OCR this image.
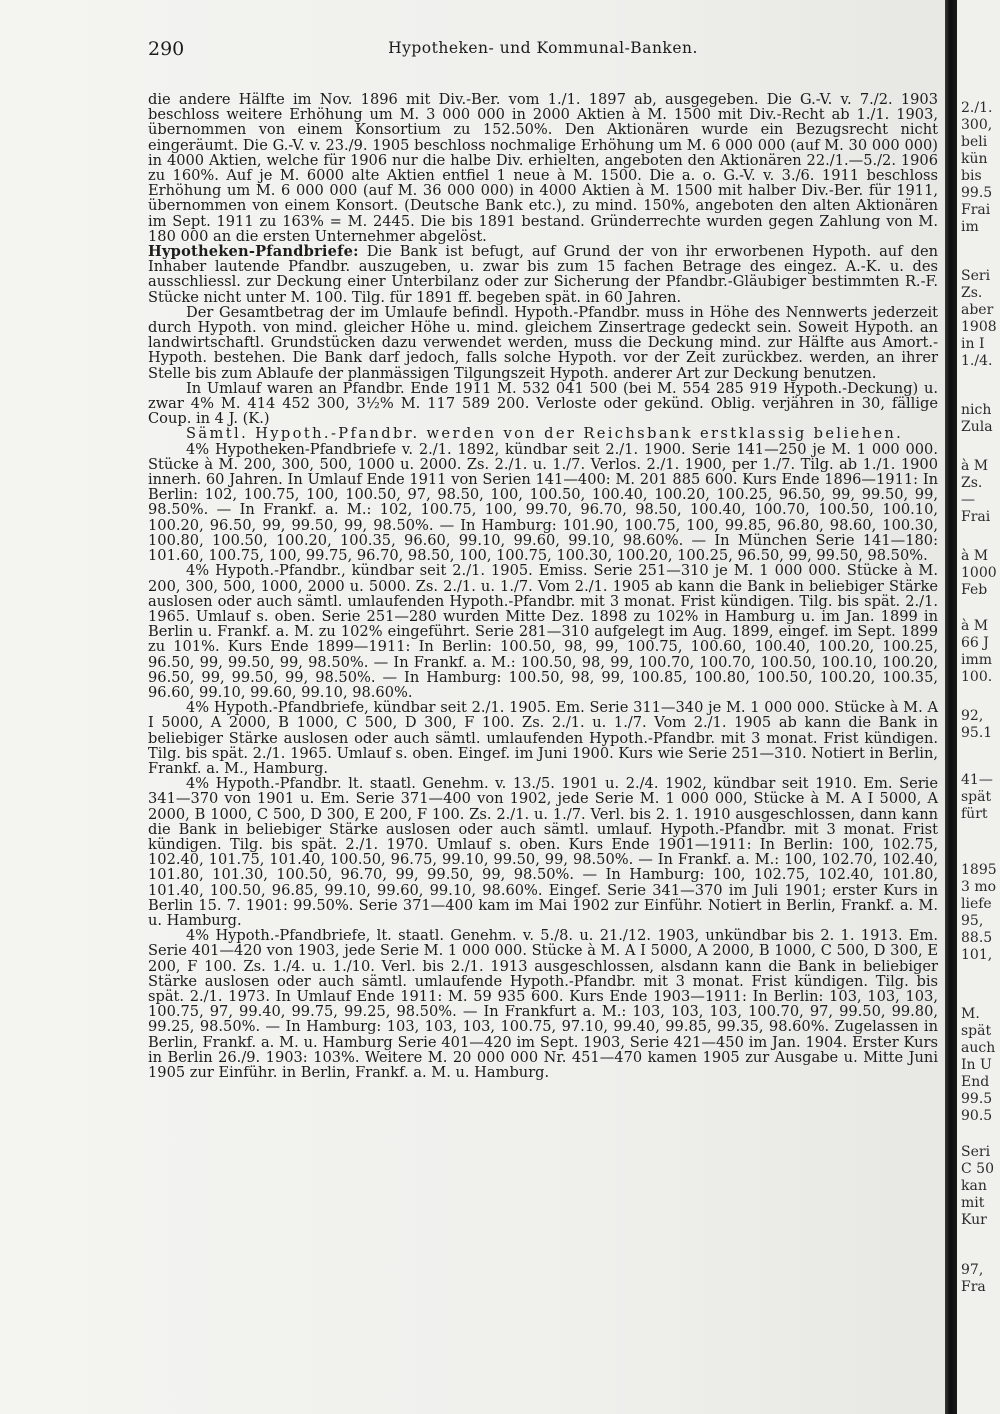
290	Hypotheken- und Kommunal-Banken.

die andere Hälfte im Nov. 1896 mit Div.-Ber. vom 1./1. 1897 ab, ausgegeben. Die G.-V. v. 7./2. 1903 beschloss weitere Erhöhung um M. 3 000 000 in 2000 Aktien à M. 1500 mit Div.-Recht ab 1./1. 1903, übernommen von einem Konsortium zu 152.50%. Den Aktionären wurde ein Bezugsrecht nicht eingeräumt. Die G.-V. v. 23./9. 1905 beschloss nochmalige Erhöhung um M. 6 000 000 (auf M. 30 000 000) in 4000 Aktien, welche für 1906 nur die halbe Div. erhielten, angeboten den Aktionären 22./1.—5./2. 1906 zu 160%. Auf je M. 6000 alte Aktien entfiel 1 neue à M. 1500. Die a. o. G.-V. v. 3./6. 1911 beschloss Erhöhung um M. 6 000 000 (auf M. 36 000 000) in 4000 Aktien à M. 1500 mit halber Div.-Ber. für 1911, übernommen von einem Konsort. (Deutsche Bank etc.), zu mind. 150%, angeboten den alten Aktionären im Sept. 1911 zu 163% = M. 2445. Die bis 1891 bestand. Gründerrechte wurden gegen Zahlung von M. 180 000 an die ersten Unternehmer abgelöst.

Hypotheken-Pfandbriefe: Die Bank ist befugt, auf Grund der von ihr erworbenen Hypoth. auf den Inhaber lautende Pfandbr. auszugeben, u. zwar bis zum 15 fachen Betrage des eingez. A.-K. u. des ausschliessl. zur Deckung einer Unterbilanz oder zur Sicherung der Pfandbr.-Gläubiger bestimmten R.-F. Stücke nicht unter M. 100. Tilg. für 1891 ff. begeben spät. in 60 Jahren.

Der Gesamtbetrag der im Umlaufe befindl. Hypoth.-Pfandbr. muss in Höhe des Nennwerts jederzeit durch Hypoth. von mind. gleicher Höhe u. mind. gleichem Zinsertrage gedeckt sein. Soweit Hypoth. an landwirtschaftl. Grundstücken dazu verwendet werden, muss die Deckung mind. zur Hälfte aus Amort.-Hypoth. bestehen. Die Bank darf jedoch, falls solche Hypoth. vor der Zeit zurückbez. werden, an ihrer Stelle bis zum Ablaufe der planmässigen Tilgungszeit Hypoth. anderer Art zur Deckung benutzen.

In Umlauf waren an Pfandbr. Ende 1911 M. 532 041 500 (bei M. 554 285 919 Hypoth.-Deckung) u. zwar 4% M. 414 452 300, 3½% M. 117 589 200. Verloste oder gekünd. Oblig. verjähren in 30, fällige Coup. in 4 J. (K.)

Sämtl. Hypoth.-Pfandbr. werden von der Reichsbank erstklassig beliehen.

4% Hypotheken-Pfandbriefe v. 2./1. 1892, kündbar seit 2./1. 1900. Serie 141—250 je M. 1 000 000. Stücke à M. 200, 300, 500, 1000 u. 2000. Zs. 2./1. u. 1./7. Verlos. 2./1. 1900, per 1./7. Tilg. ab 1./1. 1900 innerh. 60 Jahren. In Umlauf Ende 1911 von Serien 141—400: M. 201 885 600. Kurs Ende 1896—1911: In Berlin: 102, 100.75, 100, 100.50, 97, 98.50, 100, 100.50, 100.40, 100.20, 100.25, 96.50, 99, 99.50, 99, 98.50%. — In Frankf. a. M.: 102, 100.75, 100, 99.70, 96.70, 98.50, 100.40, 100.70, 100.50, 100.10, 100.20, 96.50, 99, 99.50, 99, 98.50%. — In Hamburg: 101.90, 100.75, 100, 99.85, 96.80, 98.60, 100.30, 100.80, 100.50, 100.20, 100.35, 96.60, 99.10, 99.60, 99.10, 98.60%. — In München Serie 141—180: 101.60, 100.75, 100, 99.75, 96.70, 98.50, 100, 100.75, 100.30, 100.20, 100.25, 96.50, 99, 99.50, 98.50%.

4% Hypoth.-Pfandbr., kündbar seit 2./1. 1905. Emiss. Serie 251—310 je M. 1 000 000. Stücke à M. 200, 300, 500, 1000, 2000 u. 5000. Zs. 2./1. u. 1./7. Vom 2./1. 1905 ab kann die Bank in beliebiger Stärke auslosen oder auch sämtl. umlaufenden Hypoth.-Pfandbr. mit 3 monat. Frist kündigen. Tilg. bis spät. 2./1. 1965. Umlauf s. oben. Serie 251—280 wurden Mitte Dez. 1898 zu 102% in Hamburg u. im Jan. 1899 in Berlin u. Frankf. a. M. zu 102% eingeführt. Serie 281—310 aufgelegt im Aug. 1899, eingef. im Sept. 1899 zu 101%. Kurs Ende 1899—1911: In Berlin: 100.50, 98, 99, 100.75, 100.60, 100.40, 100.20, 100.25, 96.50, 99, 99.50, 99, 98.50%. — In Frankf. a. M.: 100.50, 98, 99, 100.70, 100.70, 100.50, 100.10, 100.20, 96.50, 99, 99.50, 99, 98.50%. — In Hamburg: 100.50, 98, 99, 100.85, 100.80, 100.50, 100.20, 100.35, 96.60, 99.10, 99.60, 99.10, 98.60%.

4% Hypoth.-Pfandbriefe, kündbar seit 2./1. 1905. Em. Serie 311—340 je M. 1 000 000. Stücke à M. A I 5000, A 2000, B 1000, C 500, D 300, F 100. Zs. 2./1. u. 1./7. Vom 2./1. 1905 ab kann die Bank in beliebiger Stärke auslosen oder auch sämtl. umlaufenden Hypoth.-Pfandbr. mit 3 monat. Frist kündigen. Tilg. bis spät. 2./1. 1965. Umlauf s. oben. Eingef. im Juni 1900. Kurs wie Serie 251—310. Notiert in Berlin, Frankf. a. M., Hamburg.

4% Hypoth.-Pfandbr. lt. staatl. Genehm. v. 13./5. 1901 u. 2./4. 1902, kündbar seit 1910. Em. Serie 341—370 von 1901 u. Em. Serie 371—400 von 1902, jede Serie M. 1 000 000, Stücke à M. A I 5000, A 2000, B 1000, C 500, D 300, E 200, F 100. Zs. 2./1. u. 1./7. Verl. bis 2. 1. 1910 ausgeschlossen, dann kann die Bank in beliebiger Stärke auslosen oder auch sämtl. umlauf. Hypoth.-Pfandbr. mit 3 monat. Frist kündigen. Tilg. bis spät. 2./1. 1970. Umlauf s. oben. Kurs Ende 1901—1911: In Berlin: 100, 102.75, 102.40, 101.75, 101.40, 100.50, 96.75, 99.10, 99.50, 99, 98.50%. — In Frankf. a. M.: 100, 102.70, 102.40, 101.80, 101.30, 100.50, 96.70, 99, 99.50, 99, 98.50%. — In Hamburg: 100, 102.75, 102.40, 101.80, 101.40, 100.50, 96.85, 99.10, 99.60, 99.10, 98.60%. Eingef. Serie 341—370 im Juli 1901; erster Kurs in Berlin 15. 7. 1901: 99.50%. Serie 371—400 kam im Mai 1902 zur Einführ. Notiert in Berlin, Frankf. a. M. u. Hamburg.

4% Hypoth.-Pfandbriefe, lt. staatl. Genehm. v. 5./8. u. 21./12. 1903, unkündbar bis 2. 1. 1913. Em. Serie 401—420 von 1903, jede Serie M. 1 000 000. Stücke à M. A I 5000, A 2000, B 1000, C 500, D 300, E 200, F 100. Zs. 1./4. u. 1./10. Verl. bis 2./1. 1913 ausgeschlossen, alsdann kann die Bank in beliebiger Stärke auslosen oder auch sämtl. umlaufende Hypoth.-Pfandbr. mit 3 monat. Frist kündigen. Tilg. bis spät. 2./1. 1973. In Umlauf Ende 1911: M. 59 935 600. Kurs Ende 1903—1911: In Berlin: 103, 103, 103, 100.75, 97, 99.40, 99.75, 99.25, 98.50%. — In Frankfurt a. M.: 103, 103, 103, 100.70, 97, 99.50, 99.80, 99.25, 98.50%. — In Hamburg: 103, 103, 103, 100.75, 97.10, 99.40, 99.85, 99.35, 98.60%. Zugelassen in Berlin, Frankf. a. M. u. Hamburg Serie 401—420 im Sept. 1903, Serie 421—450 im Jan. 1904. Erster Kurs in Berlin 26./9. 1903: 103%. Weitere M. 20 000 000 Nr. 451—470 kamen 1905 zur Ausgabe u. Mitte Juni 1905 zur Einführ. in Berlin, Frankf. a. M. u. Hamburg.

2./1.
300,
beli
kün
bis
99.5
Frai
im
Seri
Zs.
aber
1908
in I
1./4.
nich
Zula
à M
Zs.
—
Frai
à M
1000
Feb
à M
66 J
imm
100.
92,
95.1
41—
spät
fürt
1895
3 mo
liefe
95,
88.5
101,
M.
spät
auch
In U
End
99.5
90.5
Seri
C 50
kan
mit
Kur
97,
Fra
